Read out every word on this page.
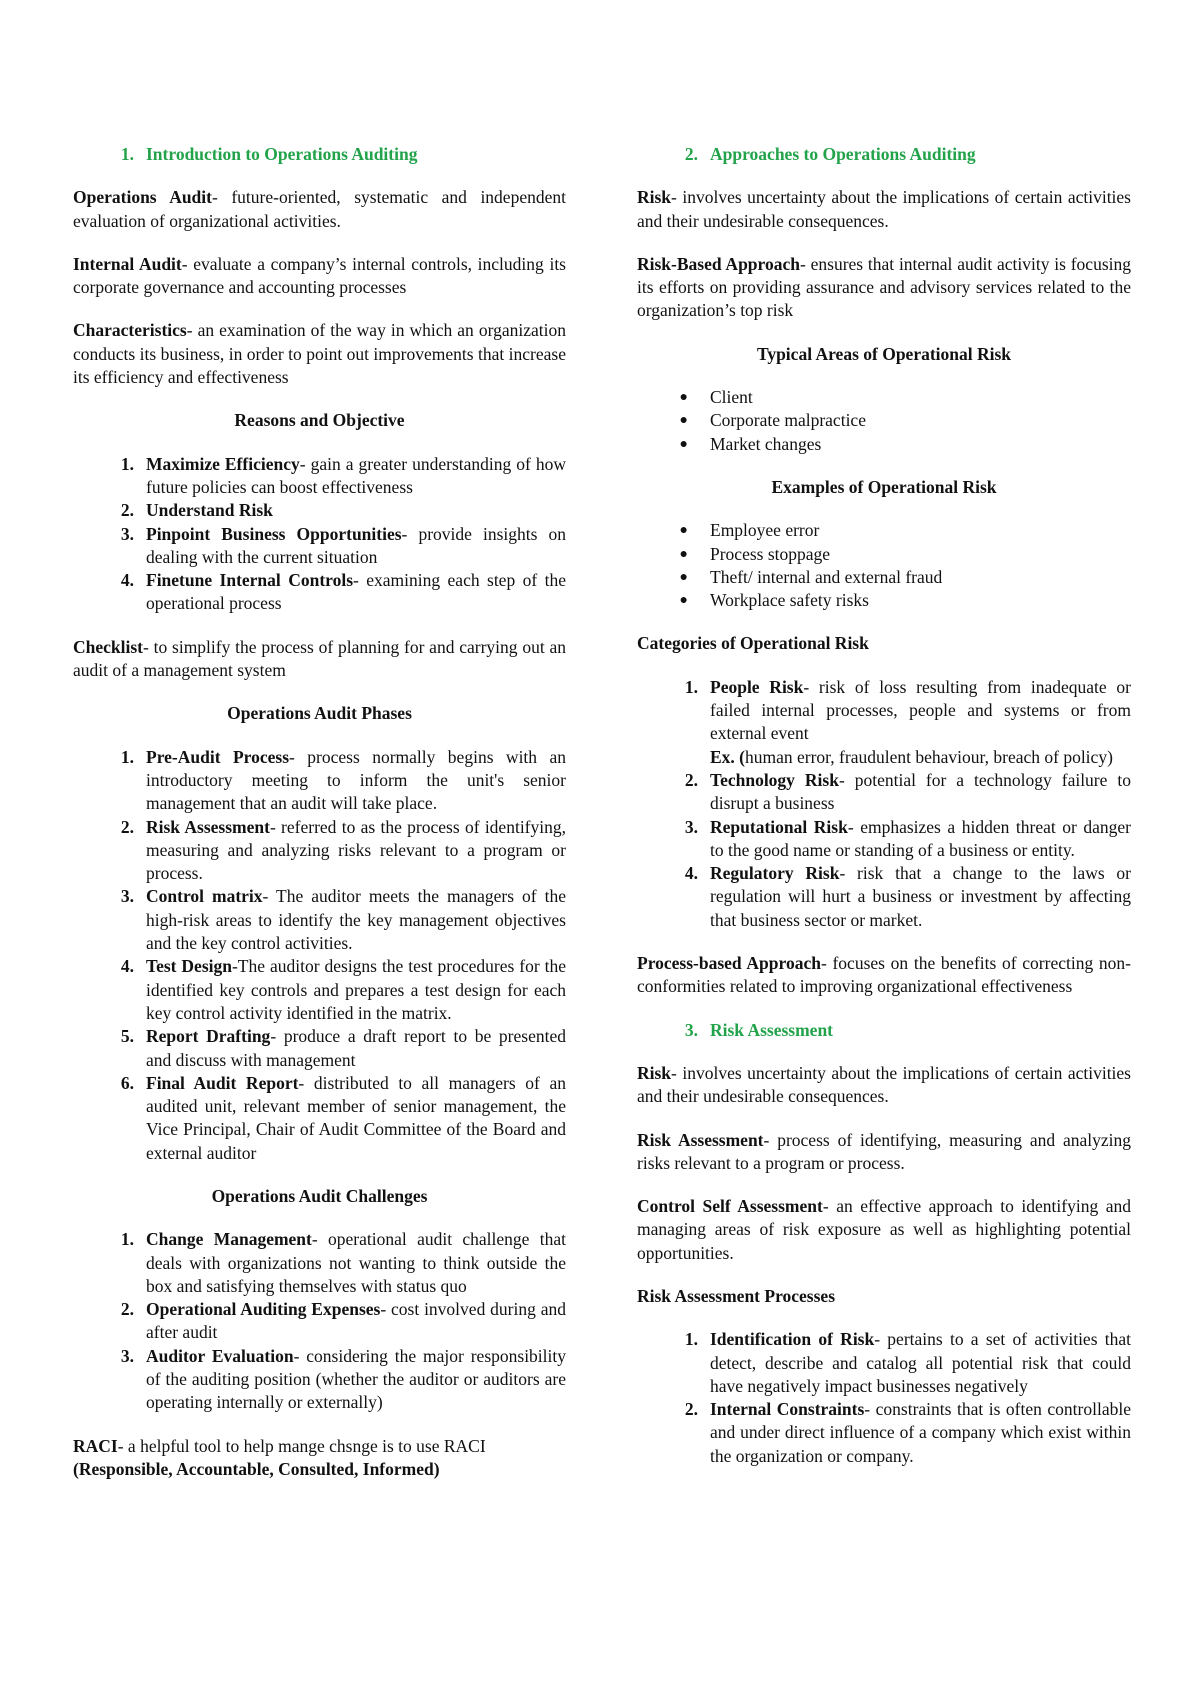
1. Introduction to Operations Auditing

Operations Audit- future-oriented, systematic and independent evaluation of organizational activities.

Internal Audit- evaluate a company’s internal controls, including its corporate governance and accounting processes

Characteristics- an examination of the way in which an organization conducts its business, in order to point out improvements that increase its efficiency and effectiveness

Reasons and Objective
1. Maximize Efficiency- gain a greater understanding of how future policies can boost effectiveness
2. Understand Risk
3. Pinpoint Business Opportunities- provide insights on dealing with the current situation
4. Finetune Internal Controls- examining each step of the operational process

Checklist- to simplify the process of planning for and carrying out an audit of a management system

Operations Audit Phases
1. Pre-Audit Process- process normally begins with an introductory meeting to inform the unit's senior management that an audit will take place.
2. Risk Assessment- referred to as the process of identifying, measuring and analyzing risks relevant to a program or process.
3. Control matrix- The auditor meets the managers of the high-risk areas to identify the key management objectives and the key control activities.
4. Test Design-The auditor designs the test procedures for the identified key controls and prepares a test design for each key control activity identified in the matrix.
5. Report Drafting- produce a draft report to be presented and discuss with management
6. Final Audit Report- distributed to all managers of an audited unit, relevant member of senior management, the Vice Principal, Chair of Audit Committee of the Board and external auditor
Operations Audit Challenges
1. Change Management- operational audit challenge that deals with organizations not wanting to think outside the box and satisfying themselves with status quo
2. Operational Auditing Expenses- cost involved during and after audit
3. Auditor Evaluation- considering the major responsibility of the auditing position (whether the auditor or auditors are operating internally or externally)

RACI- a helpful tool to help mange chsnge is to use RACI (Responsible, Accountable, Consulted, Informed)

2. Approaches to Operations Auditing

Risk- involves uncertainty about the implications of certain activities and their undesirable consequences.

Risk-Based Approach- ensures that internal audit activity is focusing its efforts on providing assurance and advisory services related to the organization’s top risk

Typical Areas of Operational Risk
●	Client
●	Corporate malpractice
●	Market changes
Examples of Operational Risk
●	Employee error
●	Process stoppage
●	Theft/ internal and external fraud
●	Workplace safety risks
Categories of Operational Risk
1. People Risk- risk of loss resulting from inadequate or failed internal processes, people and systems or from external event
Ex. (human error, fraudulent behaviour, breach of policy)
2. Technology Risk- potential for a technology failure to disrupt a business
3. Reputational Risk- emphasizes a hidden threat or danger to the good name or standing of a business or entity.
4. Regulatory Risk- risk that a change to the laws or regulation will hurt a business or investment by affecting that business sector or market.

Process-based Approach- focuses on the benefits of correcting non-conformities related to improving organizational effectiveness

3. Risk Assessment

Risk- involves uncertainty about the implications of certain activities and their undesirable consequences.

Risk Assessment- process of identifying, measuring and analyzing risks relevant to a program or process.

Control Self Assessment- an effective approach to identifying and managing areas of risk exposure as well as highlighting potential opportunities.

Risk Assessment Processes
1. Identification of Risk- pertains to a set of activities that detect, describe and catalog all potential risk that could have negatively impact businesses negatively
2. Internal Constraints- constraints that is often controllable and under direct influence of a company which exist within the organization or company.
